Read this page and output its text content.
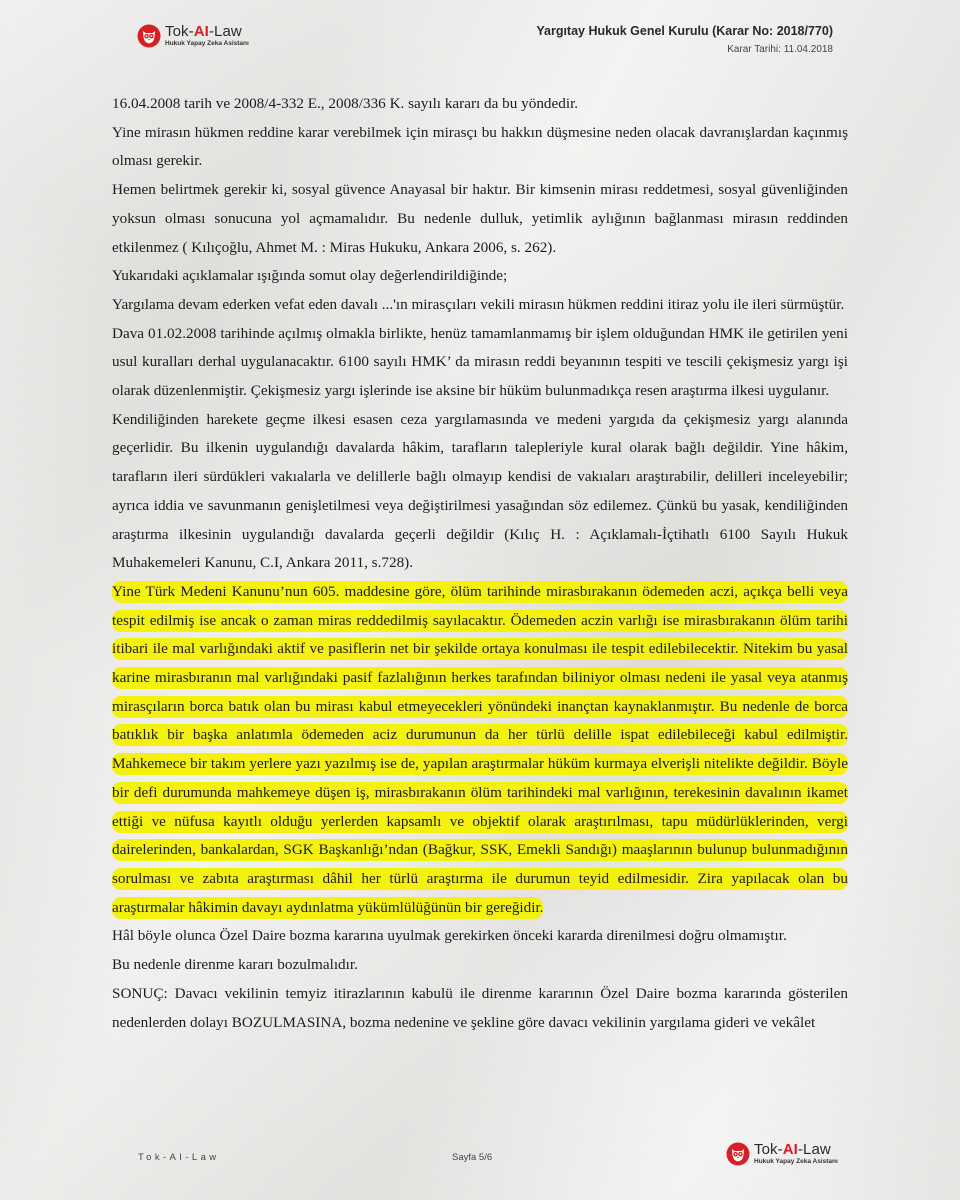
Tok-AI-Law
Hukuk Yapay Zeka Asistanı
Yargıtay Hukuk Genel Kurulu (Karar No: 2018/770)
Karar Tarihi: 11.04.2018

16.04.2008 tarih ve 2008/4-332 E., 2008/336 K. sayılı kararı da bu yöndedir.

Yine mirasın hükmen reddine karar verebilmek için mirasçı bu hakkın düşmesine neden olacak davranışlardan kaçınmış olması gerekir.

Hemen belirtmek gerekir ki, sosyal güvence Anayasal bir haktır. Bir kimsenin mirası reddetmesi, sosyal güvenliğinden yoksun olması sonucuna yol açmamalıdır. Bu nedenle dulluk, yetimlik aylığının bağlanması mirasın reddinden etkilenmez ( Kılıçoğlu, Ahmet M. : Miras Hukuku, Ankara 2006, s. 262).

Yukarıdaki açıklamalar ışığında somut olay değerlendirildiğinde;

Yargılama devam ederken vefat eden davalı ...'ın mirasçıları vekili mirasın hükmen reddini itiraz yolu ile ileri sürmüştür.

Dava 01.02.2008 tarihinde açılmış olmakla birlikte, henüz tamamlanmamış bir işlem olduğundan HMK ile getirilen yeni usul kuralları derhal uygulanacaktır. 6100 sayılı HMK’ da mirasın reddi beyanının tespiti ve tescili çekişmesiz yargı işi olarak düzenlenmiştir. Çekişmesiz yargı işlerinde ise aksine bir hüküm bulunmadıkça resen araştırma ilkesi uygulanır.

Kendiliğinden harekete geçme ilkesi esasen ceza yargılamasında ve medeni yargıda da çekişmesiz yargı alanında geçerlidir. Bu ilkenin uygulandığı davalarda hâkim, tarafların talepleriyle kural olarak bağlı değildir. Yine hâkim, tarafların ileri sürdükleri vakıalarla ve delillerle bağlı olmayıp kendisi de vakıaları araştırabilir, delilleri inceleyebilir; ayrıca iddia ve savunmanın genişletilmesi veya değiştirilmesi yasağından söz edilemez. Çünkü bu yasak, kendiliğinden araştırma ilkesinin uygulandığı davalarda geçerli değildir (Kılıç H. : Açıklamalı-İçtihatlı 6100 Sayılı Hukuk Muhakemeleri Kanunu, C.I, Ankara 2011, s.728).

Yine Türk Medeni Kanunu’nun 605. maddesine göre, ölüm tarihinde mirasbırakanın ödemeden aczi, açıkça belli veya tespit edilmiş ise ancak o zaman miras reddedilmiş sayılacaktır. Ödemeden aczin varlığı ise mirasbırakanın ölüm tarihi itibari ile mal varlığındaki aktif ve pasiflerin net bir şekilde ortaya konulması ile tespit edilebilecektir. Nitekim bu yasal karine mirasbıranın mal varlığındaki pasif fazlalığının herkes tarafından biliniyor olması nedeni ile yasal veya atanmış mirasçıların borca batık olan bu mirası kabul etmeyecekleri yönündeki inançtan kaynaklanmıştır. Bu nedenle de borca batıklık bir başka anlatımla ödemeden aciz durumunun da her türlü delille ispat edilebileceği kabul edilmiştir. Mahkemece bir takım yerlere yazı yazılmış ise de, yapılan araştırmalar hüküm kurmaya elverişli nitelikte değildir. Böyle bir defi durumunda mahkemeye düşen iş, mirasbırakanın ölüm tarihindeki mal varlığının, terekesinin davalının ikamet ettiği ve nüfusa kayıtlı olduğu yerlerden kapsamlı ve objektif olarak araştırılması, tapu müdürlüklerinden, vergi dairelerinden, bankalardan, SGK Başkanlığı’ndan (Bağkur, SSK, Emekli Sandığı) maaşlarının bulunup bulunmadığının sorulması ve zabıta araştırması dâhil her türlü araştırma ile durumun teyid edilmesidir. Zira yapılacak olan bu araştırmalar hâkimin davayı aydınlatma yükümlülüğünün bir gereğidir.

Hâl böyle olunca Özel Daire bozma kararına uyulmak gerekirken önceki kararda direnilmesi doğru olmamıştır.

Bu nedenle direnme kararı bozulmalıdır.

SONUÇ: Davacı vekilinin temyiz itirazlarının kabulü ile direnme kararının Özel Daire bozma kararında gösterilen nedenlerden dolayı BOZULMASINA, bozma nedenine ve şekline göre davacı vekilinin yargılama gideri ve vekâlet

Tok-AI-Law	Sayfa 5/6	Tok-AI-Law
Hukuk Yapay Zeka Asistanı
